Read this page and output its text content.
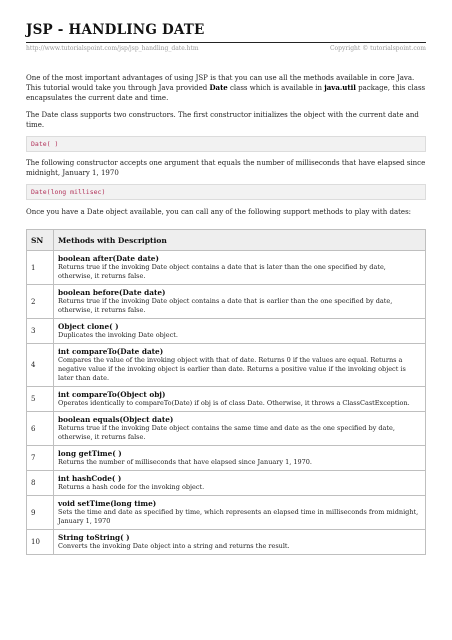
JSP - HANDLING DATE
http://www.tutorialspoint.com/jsp/jsp_handling_date.htm	Copyright © tutorialspoint.com

One of the most important advantages of using JSP is that you can use all the methods available in core Java. This tutorial would take you through Java provided Date class which is available in java.util package, this class encapsulates the current date and time.

The Date class supports two constructors. The first constructor initializes the object with the current date and time.

Date( )

The following constructor accepts one argument that equals the number of milliseconds that have elapsed since midnight, January 1, 1970

Date(long millisec)

Once you have a Date object available, you can call any of the following support methods to play with dates:

SN	Methods with Description
1	boolean after(Date date)
Returns true if the invoking Date object contains a date that is later than the one specified by date, otherwise, it returns false.

2	boolean before(Date date)
Returns true if the invoking Date object contains a date that is earlier than the one specified by date, otherwise, it returns false.

3	Object clone( )
Duplicates the invoking Date object.

4	int compareTo(Date date)
Compares the value of the invoking object with that of date. Returns 0 if the values are equal. Returns a negative value if the invoking object is earlier than date. Returns a positive value if the invoking object is later than date.

5	int compareTo(Object obj)
Operates identically to compareTo(Date) if obj is of class Date. Otherwise, it throws a ClassCastException.

6	boolean equals(Object date)
Returns true if the invoking Date object contains the same time and date as the one specified by date, otherwise, it returns false.

7	long getTime( )
Returns the number of milliseconds that have elapsed since January 1, 1970.

8	int hashCode( )
Returns a hash code for the invoking object.

9	void setTime(long time)
Sets the time and date as specified by time, which represents an elapsed time in milliseconds from midnight, January 1, 1970

10	String toString( )
Converts the invoking Date object into a string and returns the result.
